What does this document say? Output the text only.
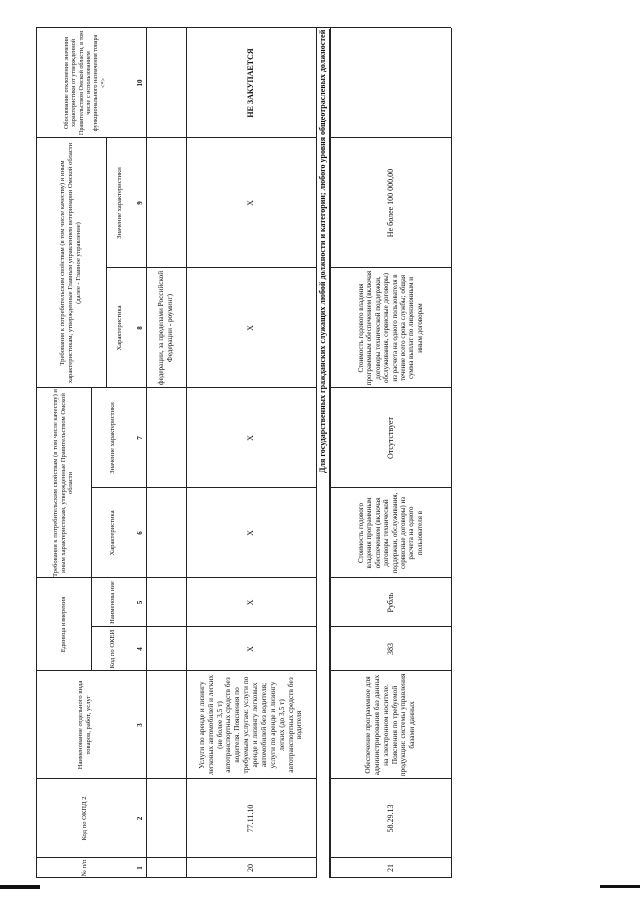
№ п/п
Код по ОКПД 2
Наименование отдельного вида товаров, работ, услуг
Единица измерения	Код по ОКЕИ
Наименова ние
Требования к потребительским свойствам (в том числе качеству) и иным характеристикам, утвержденные Правительством Омской области
Характеристика
Значение характеристики
Требования к потребительским свойствам (в том числе качеству) и иным характеристикам, утвержденные Главным управлением ветеринарии Омской области (далее - Главное управление)
Характеристика
Значение характеристики
Обоснование отклонения значения характеристики от утвержденной Правительством Омской области, в том числе с использованием функционального назначения товара <*>
1
2
3
4
5
6
7
8
9
10
федерации, за пределами Российской Федерации - роуминг)
20
77.11.10
Услуги по аренде и лизингу легковых автомобилей и легких (не более 3,5 т) автотранспортных средств без водителя. Пояснения по требуемым услугам: услуги по аренде и лизингу легковых автомобилей без водителя; услуги по аренде и лизингу легких (до 3,5 т) автотранспортных средств без водителя
Х
Х
Х
Х
Х
Х
НЕ ЗАКУПАЕТСЯ
21
58.29.13
Обеспечение программное для администрирования баз данных на электронном носителе. Пояснения по требуемой продукции: системы управления базами данных
383
Рубль
Стоимость годового владения программным обеспечением (включая договоры технической поддержки, обслуживания, сервисные договоры) из расчета на одного пользователя в
Отсутствует
Стоимость годового владения программным обеспечением (включая договоры технической поддержки, обслуживания, сервисные договоры) из расчета на одного пользователя в течение всего срока службы; общая сумма выплат по лицензионным и иным договорам
Не более 100 000,00
Для государственных гражданских служащих любой должности и категории; любого уровня общеотраслевых должностей
